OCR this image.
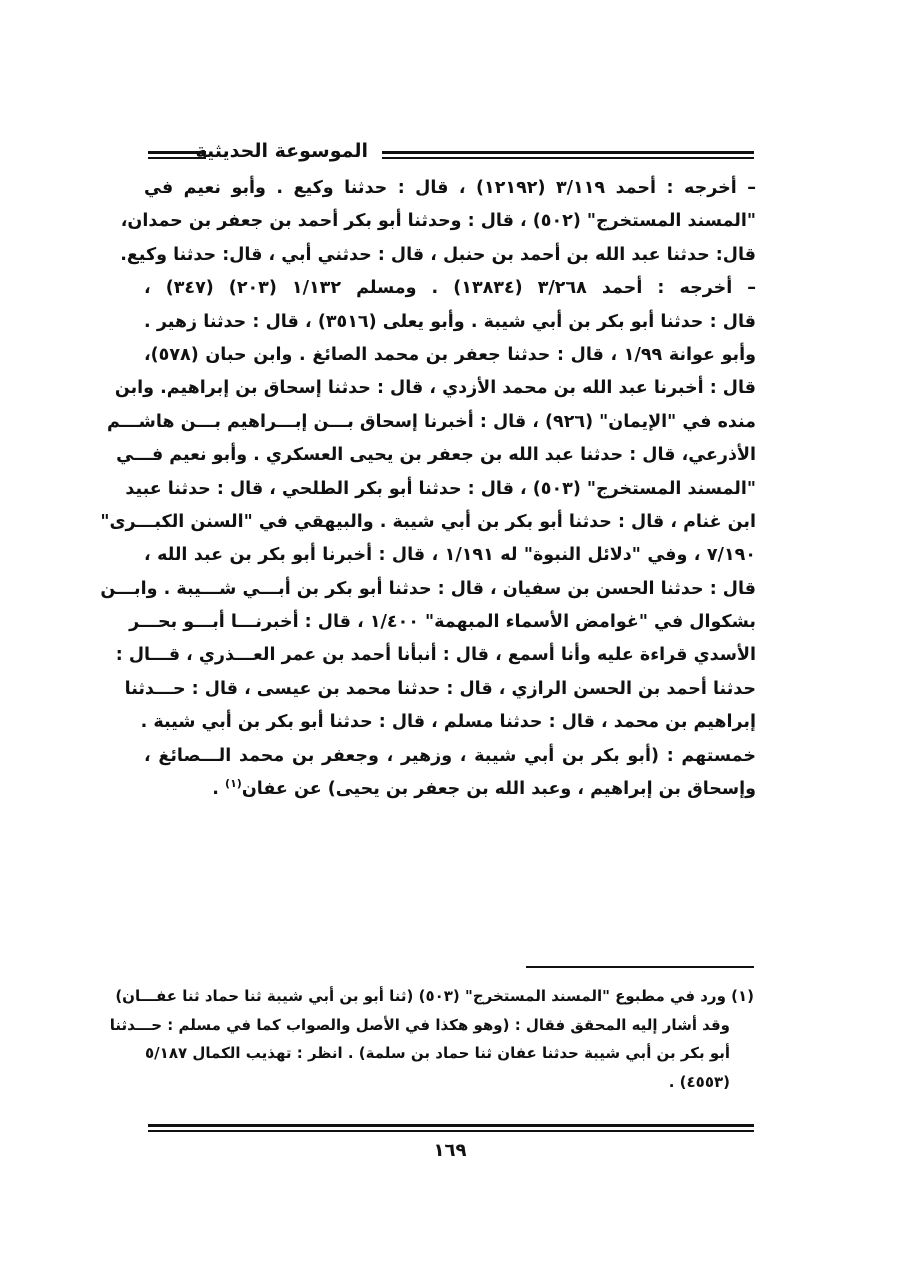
الموسوعة الحديثية
– أخرجه : أحمد ٣/١١٩ (١٢١٩٢) ، قال : حدثنا وكيع . وأبو نعيم في
"المسند المستخرج" (٥٠٢) ، قال : وحدثنا أبو بكر أحمد بن جعفر بن حمدان،
قال: حدثنا عبد الله بن أحمد بن حنبل ، قال : حدثني أبي ، قال: حدثنا وكيع.
– أخرجه : أحمد ٣/٢٦٨ (١٣٨٣٤) . ومسلم ١/١٣٢ (٢٠٣) (٣٤٧) ،
قال : حدثنا أبو بكر بن أبي شيبة . وأبو يعلى (٣٥١٦) ، قال : حدثنا زهير .
وأبو عوانة ١/٩٩ ، قال : حدثنا جعفر بن محمد الصائغ . وابن حبان (٥٧٨)،
قال : أخبرنا عبد الله بن محمد الأزدي ، قال : حدثنا إسحاق بن إبراهيم. وابن
منده في "الإيمان" (٩٢٦) ، قال : أخبرنا إسحاق بـــن إبـــراهيم بـــن هاشـــم
الأذرعي، قال : حدثنا عبد الله بن جعفر بن يحيى العسكري . وأبو نعيم فـــي
"المسند المستخرج" (٥٠٣) ، قال : حدثنا أبو بكر الطلحي ، قال : حدثنا عبيد
ابن غنام ، قال : حدثنا أبو بكر بن أبي شيبة . والبيهقي في "السنن الكبـــرى"
٧/١٩٠ ، وفي "دلائل النبوة" له ١/١٩١ ، قال : أخبرنا أبو بكر بن عبد الله ،
قال : حدثنا الحسن بن سفيان ، قال : حدثنا أبو بكر بن أبـــي شـــيبة . وابـــن
بشكوال في "غوامض الأسماء المبهمة" ١/٤٠٠ ، قال : أخبرنـــا أبـــو بحـــر
الأسدي قراءة عليه وأنا أسمع ، قال : أنبأنا أحمد بن عمر العـــذري ، قـــال :
حدثنا أحمد بن الحسن الرازي ، قال : حدثنا محمد بن عيسى ، قال : حـــدثنا
إبراهيم بن محمد ، قال : حدثنا مسلم ، قال : حدثنا أبو بكر بن أبي شيبة .
خمستهم : (أبو بكر بن أبي شيبة ، وزهير ، وجعفر بن محمد الـــصائغ ،
وإسحاق بن إبراهيم ، وعبد الله بن جعفر بن يحيى) عن عفان$^{(١)}$ .
(١) ورد في مطبوع "المسند المستخرج" (٥٠٣) (ثنا أبو بن أبي شيبة ثنا حماد ثنا عفـــان)
وقد أشار إليه المحقق فقال : (وهو هكذا في الأصل والصواب كما في مسلم : حـــدثنا
أبو بكر بن أبي شيبة حدثنا عفان ثنا حماد بن سلمة) . انظر : تهذيب الكمال ٥/١٨٧
(٤٥٥٣) .
١٦٩
